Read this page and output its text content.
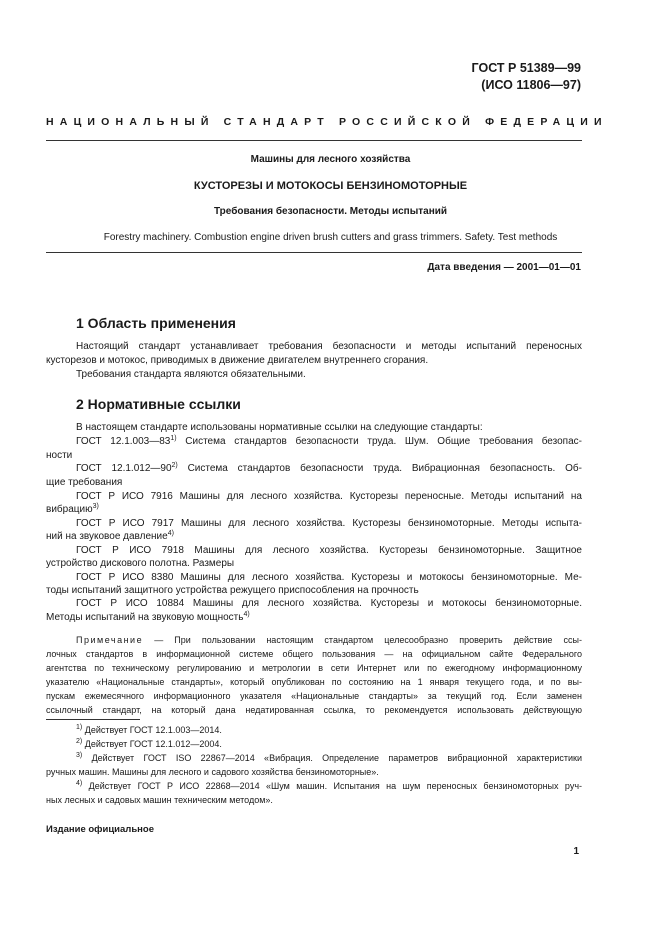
ГОСТ Р 51389—99
(ИСО 11806—97)
НАЦИОНАЛЬНЫЙ СТАНДАРТ РОССИЙСКОЙ ФЕДЕРАЦИИ
Машины для лесного хозяйства
КУСТОРЕЗЫ И МОТОКОСЫ БЕНЗИНОМОТОРНЫЕ
Требования безопасности. Методы испытаний
Forestry machinery. Combustion engine driven brush cutters and grass trimmers. Safety. Test methods
Дата введения — 2001—01—01
1 Область применения
Настоящий стандарт устанавливает требования безопасности и методы испытаний переносных
кусторезов и мотокос, приводимых в движение двигателем внутреннего сгорания.
Требования стандарта являются обязательными.
2 Нормативные ссылки
В настоящем стандарте использованы нормативные ссылки на следующие стандарты:
ГОСТ 12.1.003—83$^{1)}$ Система стандартов безопасности труда. Шум. Общие требования безопас-
ности
ГОСТ 12.1.012—90$^{2)}$ Система стандартов безопасности труда. Вибрационная безопасность. Об-
щие требования
ГОСТ Р ИСО 7916 Машины для лесного хозяйства. Кусторезы переносные. Методы испытаний на
вибрацию$^{3)}$
ГОСТ Р ИСО 7917 Машины для лесного хозяйства. Кусторезы бензиномоторные. Методы испыта-
ний на звуковое давление$^{4)}$
ГОСТ Р ИСО 7918 Машины для лесного хозяйства. Кусторезы бензиномоторные. Защитное
устройство дискового полотна. Размеры
ГОСТ Р ИСО 8380 Машины для лесного хозяйства. Кусторезы и мотокосы бензиномоторные. Ме-
тоды испытаний защитного устройства режущего приспособления на прочность
ГОСТ Р ИСО 10884 Машины для лесного хозяйства. Кусторезы и мотокосы бензиномоторные.
Методы испытаний на звуковую мощность$^{4)}$
Примечание — При пользовании настоящим стандартом целесообразно проверить действие ссы-
лочных стандартов в информационной системе общего пользования — на официальном сайте Федерального
агентства по техническому регулированию и метрологии в сети Интернет или по ежегодному информационному
указателю «Национальные стандарты», который опубликован по состоянию на 1 января текущего года, и по вы-
пускам ежемесячного информационного указателя «Национальные стандарты» за текущий год. Если заменен
ссылочный стандарт, на который дана недатированная ссылка, то рекомендуется использовать действующую
$^{1)}$ Действует ГОСТ 12.1.003—2014.
$^{2)}$ Действует ГОСТ 12.1.012—2004.
$^{3)}$ Действует ГОСТ ISO 22867—2014 «Вибрация. Определение параметров вибрационной характеристики
ручных машин. Машины для лесного и садового хозяйства бензиномоторные».
$^{4)}$ Действует ГОСТ Р ИСО 22868—2014 «Шум машин. Испытания на шум переносных бензиномоторных руч-
ных лесных и садовых машин техническим методом».
Издание официальное
1
